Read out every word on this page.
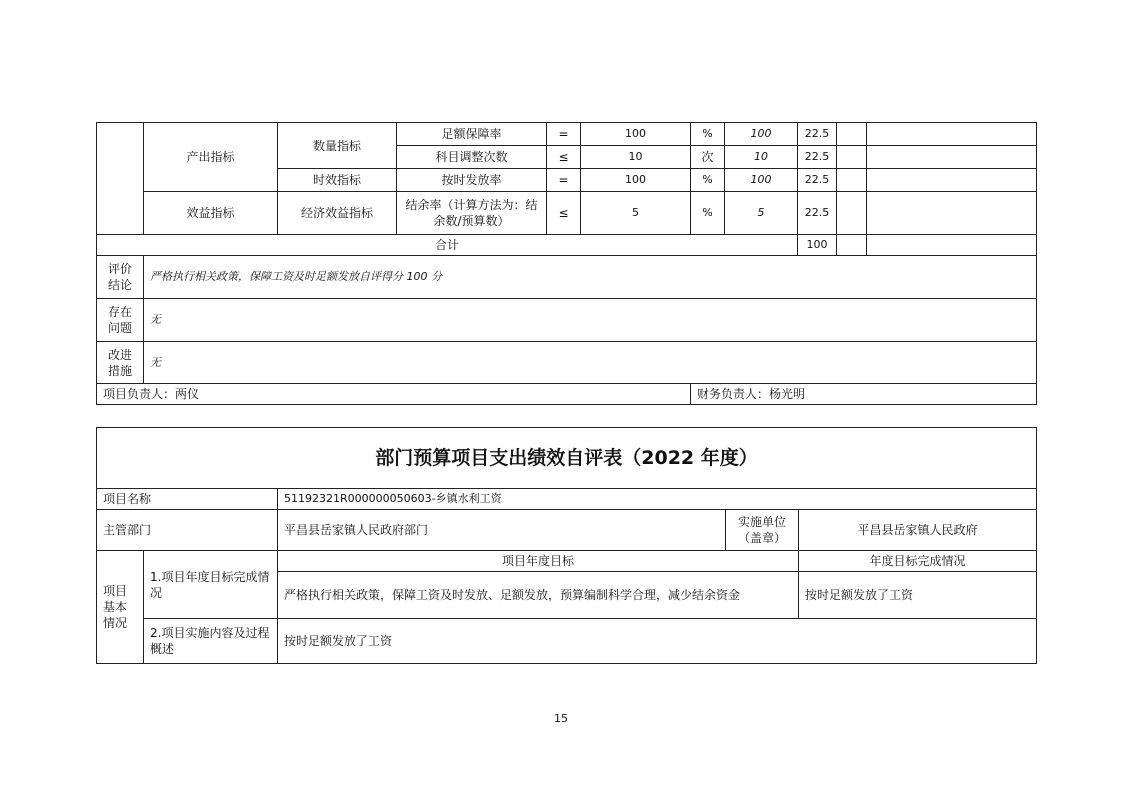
	产出指标	数量指标	足额保障率	=	100	%	100	22.5		
			科目调整次数	≤	10	次	10	22.5		
		时效指标	按时发放率	=	100	%	100	22.5		
	效益指标	经济效益指标	结余率（计算方法为：结余数/预算数）	≤	5	%	5	22.5		
合计								100		
评价结论	严格执行相关政策，保障工资及时足额发放自评得分 100 分									
存在问题	无									
改进措施	无									
项目负责人：两仪						财务负责人：杨光明				
部门预算项目支出绩效自评表（2022 年度）				
项目名称		51192321R000000050603-乡镇水利工资		
主管部门		平昌县岳家镇人民政府部门	实施单位（盖章）	平昌县岳家镇人民政府
项目基本情况	1.项目年度目标完成情况	项目年度目标		年度目标完成情况
		严格执行相关政策，保障工资及时发放、足额发放，预算编制科学合理，减少结余资金		按时足额发放了工资
	2.项目实施内容及过程概述	按时足额发放了工资		
15
